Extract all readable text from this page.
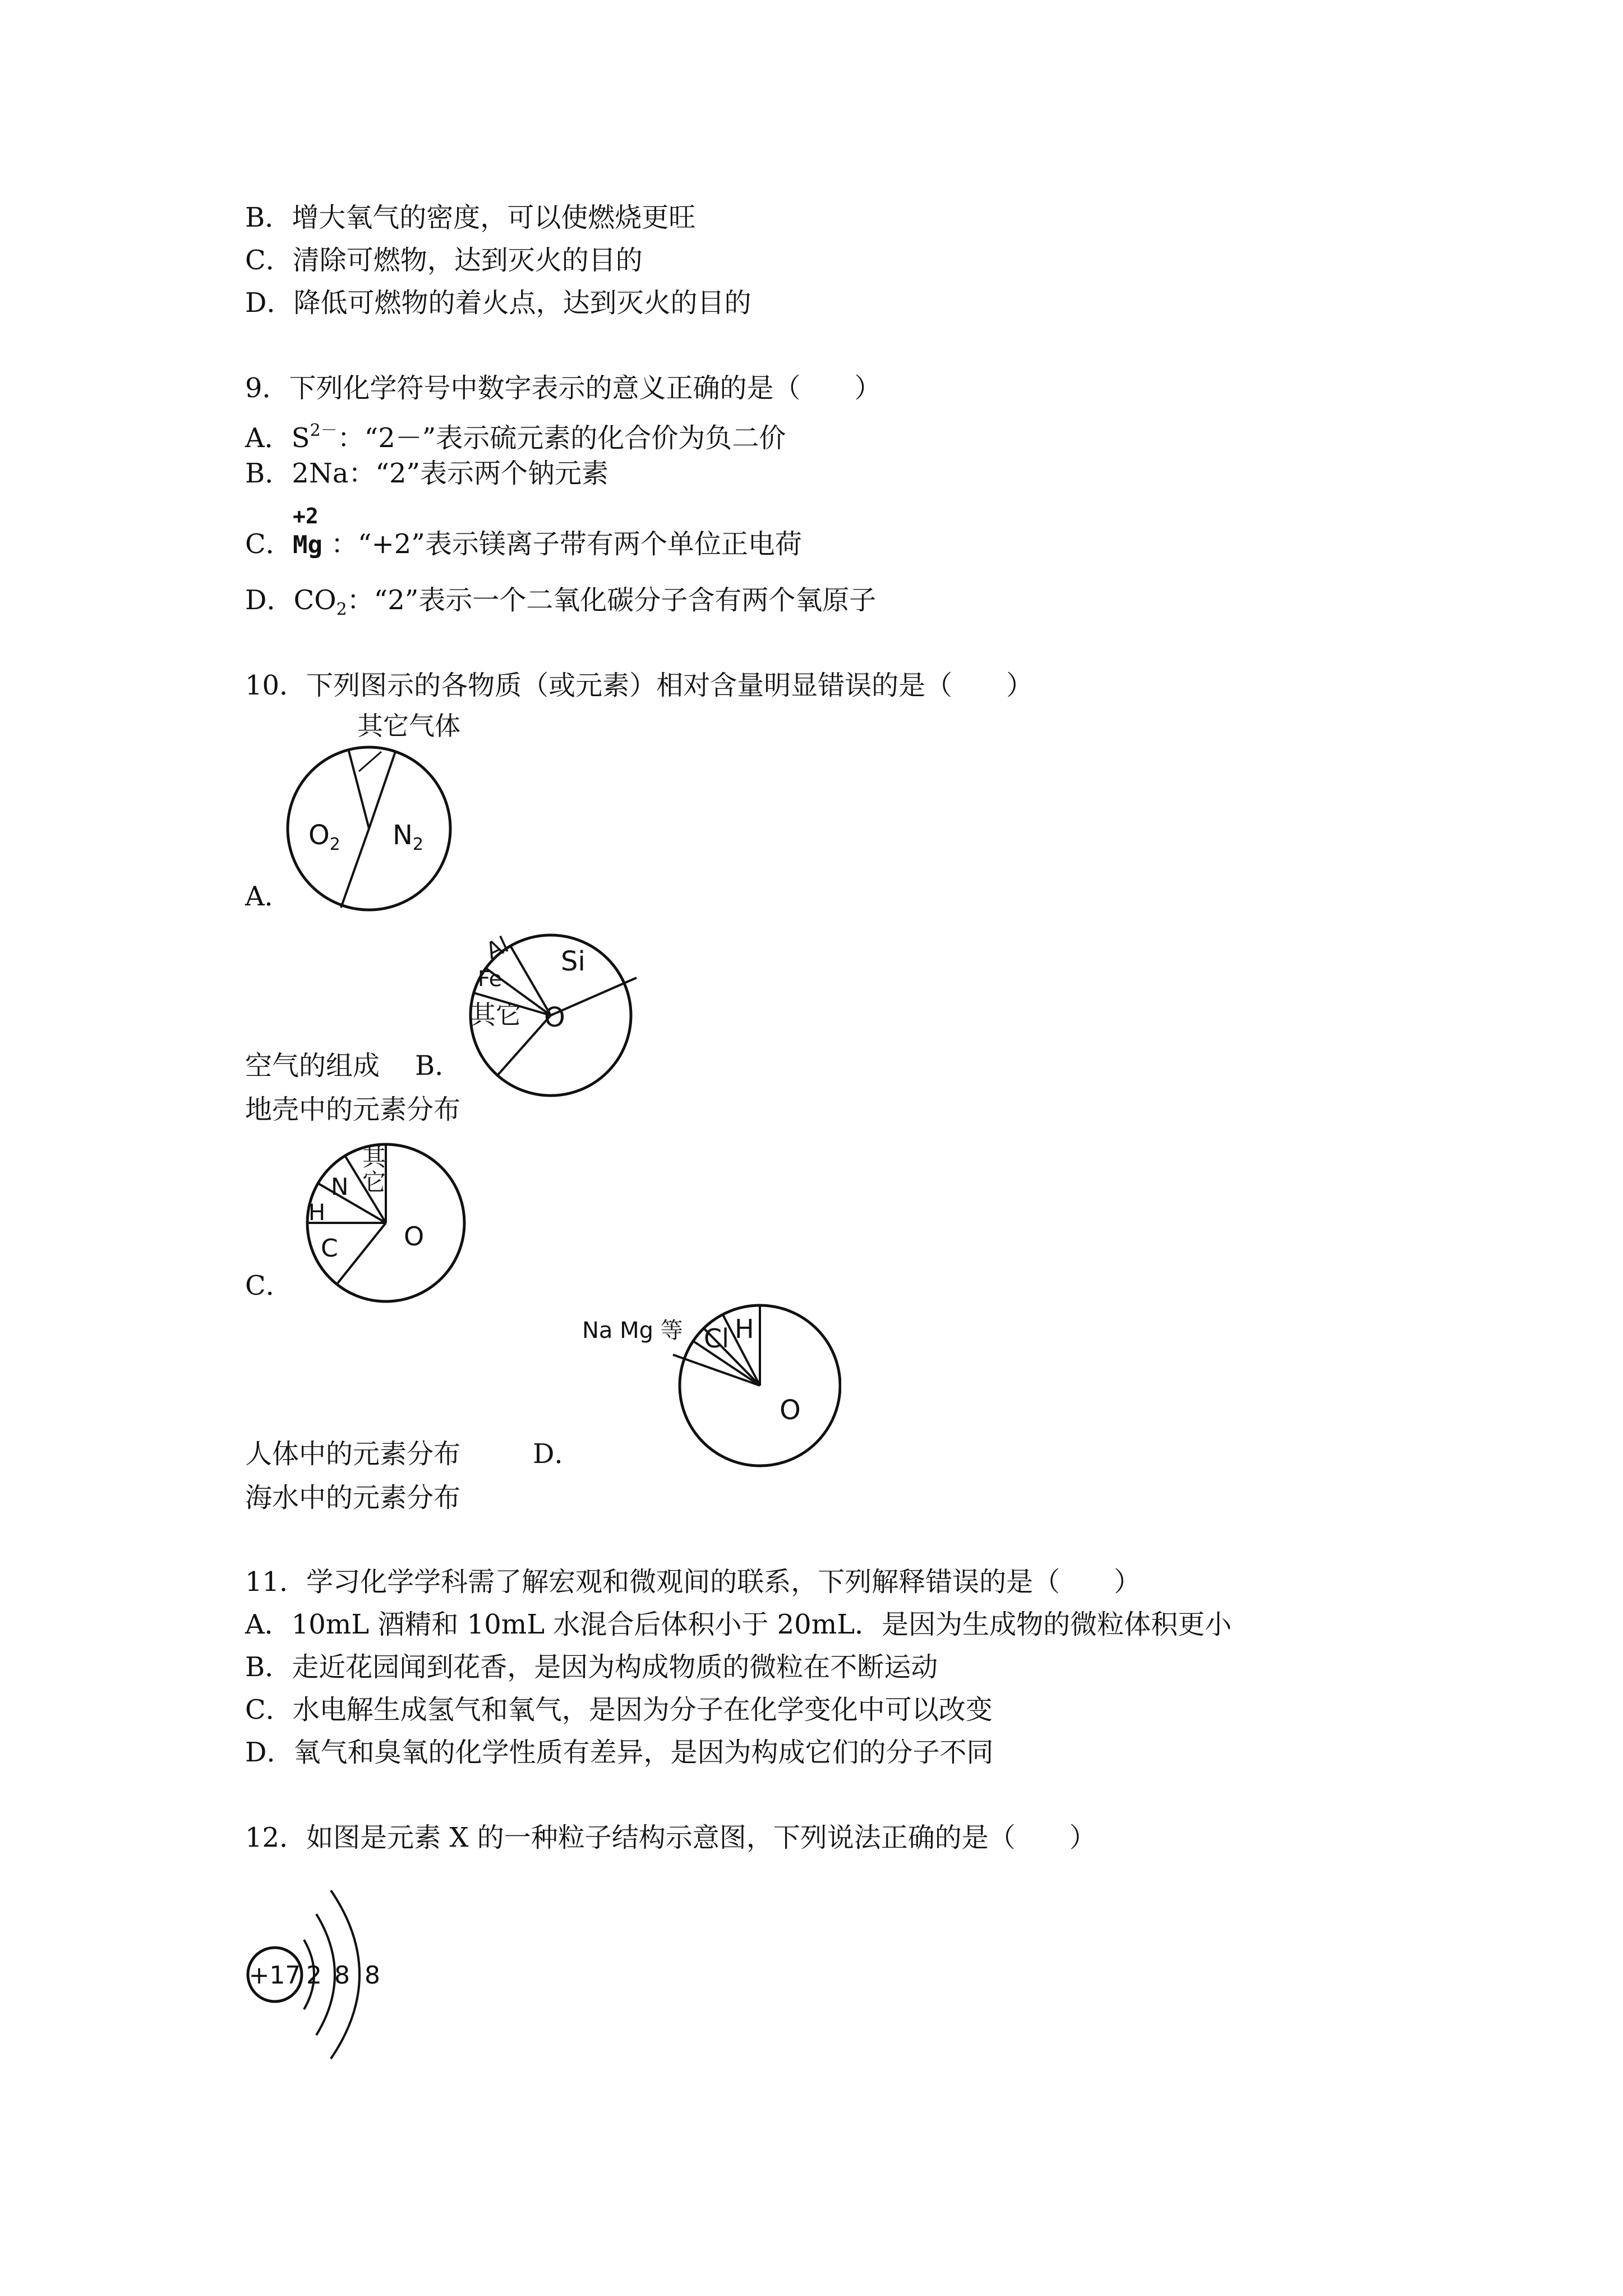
B．增大氧气的密度，可以使燃烧更旺
C．清除可燃物，达到灭火的目的
D．降低可燃物的着火点，达到灭火的目的
9．下列化学符号中数字表示的意义正确的是（　　）
A．$S^{2-}$：“2－”表示硫元素的化合价为负二价
B．2Na：“2”表示两个钠元素
C．
+2
Mg ：“+2”表示镁离子带有两个单位正电荷
D．$CO_2$：“2”表示一个二氧化碳分子含有两个氧原子
10．下列图示的各物质（或元素）相对含量明显错误的是（　　）
其它气体
$O_2$ $N_2$
A．
Al
Fe
Si
其它 O
空气的组成 B．
地壳中的元素分布
其
它
N
H
C	O
C．
Na Mg 等 Cl H
O
人体中的元素分布	D．
海水中的元素分布
11．学习化学学科需了解宏观和微观间的联系，下列解释错误的是（　　）
A．10mL 酒精和 10mL 水混合后体积小于 20mL．是因为生成物的微粒体积更小
B．走近花园闻到花香，是因为构成物质的微粒在不断运动
C．水电解生成氢气和氧气，是因为分子在化学变化中可以改变
D．氧气和臭氧的化学性质有差异，是因为构成它们的分子不同
12．如图是元素 X 的一种粒子结构示意图，下列说法正确的是（　　）
+17 2 8 8
